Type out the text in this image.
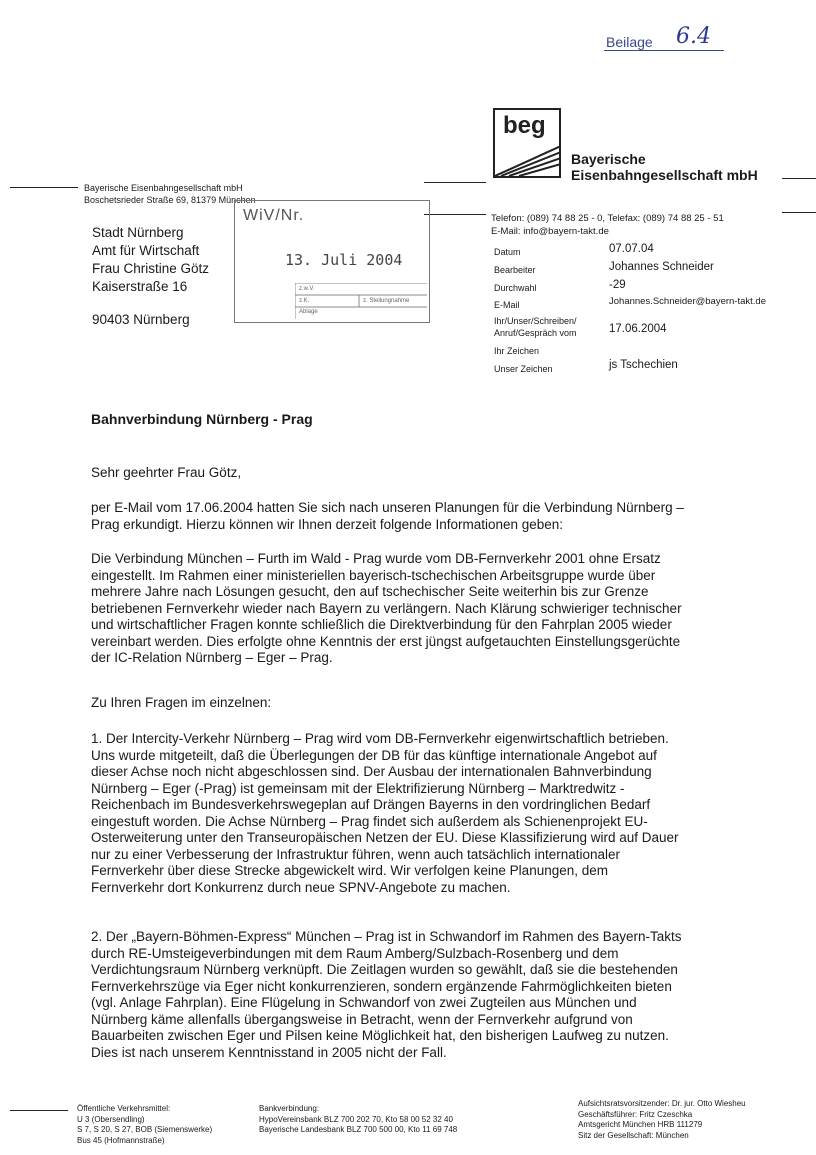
Beilage 6.4
beg
Bayerische
Eisenbahngesellschaft mbH
Bayerische Eisenbahngesellschaft mbH
Boschetsrieder Straße 69, 81379 München
Telefon: (089) 74 88 25 - 0, Telefax: (089) 74 88 25 - 51
E-Mail: info@bayern-takt.de
Stadt Nürnberg
Amt für Wirtschaft
Frau Christine Götz
Kaiserstraße 16
90403 Nürnberg
WiV/Nr.
13. Juli 2004
z.w.V.
z.K.	z. Stellungnahme
Ablage
Datum	07.07.04
Bearbeiter	Johannes Schneider
Durchwahl	-29
E-Mail	Johannes.Schneider@bayern-takt.de
Ihr/Unser/Schreiben/
Anruf/Gespräch vom	17.06.2004
Ihr Zeichen
Unser Zeichen	js Tschechien
Bahnverbindung Nürnberg - Prag
Sehr geehrter Frau Götz,
per E-Mail vom 17.06.2004 hatten Sie sich nach unseren Planungen für die Verbindung Nürnberg –
Prag erkundigt. Hierzu können wir Ihnen derzeit folgende Informationen geben:
Die Verbindung München – Furth im Wald - Prag wurde vom DB-Fernverkehr 2001 ohne Ersatz
eingestellt. Im Rahmen einer ministeriellen bayerisch-tschechischen Arbeitsgruppe wurde über
mehrere Jahre nach Lösungen gesucht, den auf tschechischer Seite weiterhin bis zur Grenze
betriebenen Fernverkehr wieder nach Bayern zu verlängern. Nach Klärung schwieriger technischer
und wirtschaftlicher Fragen konnte schließlich die Direktverbindung für den Fahrplan 2005 wieder
vereinbart werden. Dies erfolgte ohne Kenntnis der erst jüngst aufgetauchten Einstellungsgerüchte
der IC-Relation Nürnberg – Eger – Prag.
Zu Ihren Fragen im einzelnen:
1. Der Intercity-Verkehr Nürnberg – Prag wird vom DB-Fernverkehr eigenwirtschaftlich betrieben.
Uns wurde mitgeteilt, daß die Überlegungen der DB für das künftige internationale Angebot auf
dieser Achse noch nicht abgeschlossen sind. Der Ausbau der internationalen Bahnverbindung
Nürnberg – Eger (-Prag) ist gemeinsam mit der Elektrifizierung Nürnberg – Marktredwitz -
Reichenbach im Bundesverkehrswegeplan auf Drängen Bayerns in den vordringlichen Bedarf
eingestuft worden. Die Achse Nürnberg – Prag findet sich außerdem als Schienenprojekt EU-
Osterweiterung unter den Transeuropäischen Netzen der EU. Diese Klassifizierung wird auf Dauer
nur zu einer Verbesserung der Infrastruktur führen, wenn auch tatsächlich internationaler
Fernverkehr über diese Strecke abgewickelt wird. Wir verfolgen keine Planungen, dem
Fernverkehr dort Konkurrenz durch neue SPNV-Angebote zu machen.
2. Der „Bayern-Böhmen-Express“ München – Prag ist in Schwandorf im Rahmen des Bayern-Takts
durch RE-Umsteigeverbindungen mit dem Raum Amberg/Sulzbach-Rosenberg und dem
Verdichtungsraum Nürnberg verknüpft. Die Zeitlagen wurden so gewählt, daß sie die bestehenden
Fernverkehrszüge via Eger nicht konkurrenzieren, sondern ergänzende Fahrmöglichkeiten bieten
(vgl. Anlage Fahrplan). Eine Flügelung in Schwandorf von zwei Zugteilen aus München und
Nürnberg käme allenfalls übergangsweise in Betracht, wenn der Fernverkehr aufgrund von
Bauarbeiten zwischen Eger und Pilsen keine Möglichkeit hat, den bisherigen Laufweg zu nutzen.
Dies ist nach unserem Kenntnisstand in 2005 nicht der Fall.
Öffentliche Verkehrsmittel:
U 3 (Obersendling)
S 7, S 20, S 27, BOB (Siemenswerke)
Bus 45 (Hofmannstraße)
Bankverbindung:
HypoVereinsbank BLZ 700 202 70, Kto 58 00 52 32 40
Bayerische Landesbank BLZ 700 500 00, Kto 11 69 748
Aufsichtsratsvorsitzender: Dr. jur. Otto Wiesheu
Geschäftsführer: Fritz Czeschka
Amtsgericht München HRB 111279
Sitz der Gesellschaft: München
